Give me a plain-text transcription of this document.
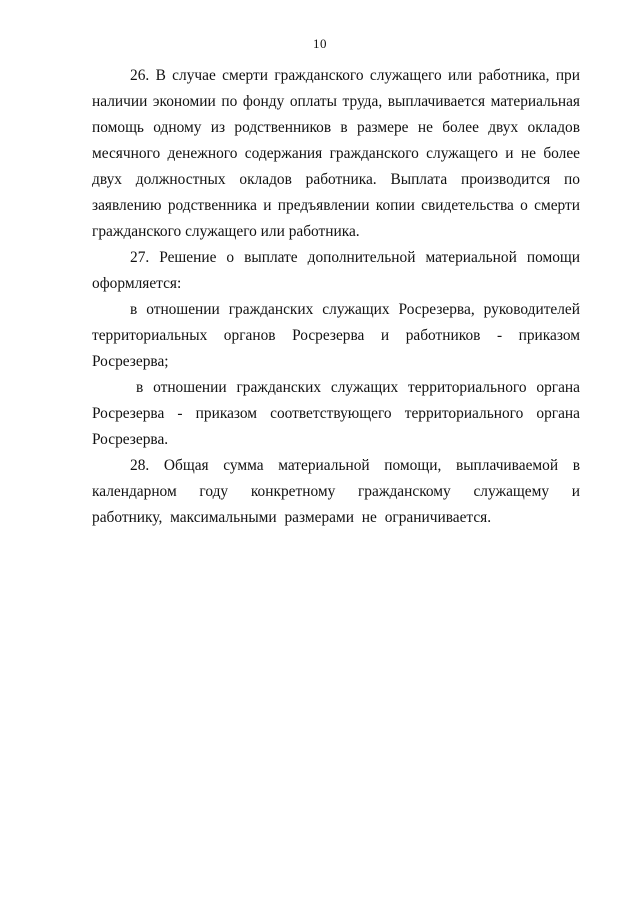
10

26. В случае смерти гражданского служащего или работника, при наличии экономии по фонду оплаты труда, выплачивается материальная помощь одному из родственников в размере не более двух окладов месячного денежного содержания гражданского служащего и не более двух должностных окладов работника. Выплата производится по заявлению родственника и предъявлении копии свидетельства о смерти гражданского служащего или работника.

27. Решение о выплате дополнительной материальной помощи оформляется:

в отношении гражданских служащих Росрезерва, руководителей территориальных органов Росрезерва и работников - приказом Росрезерва;

в отношении гражданских служащих территориального органа Росрезерва - приказом соответствующего территориального органа Росрезерва.

28. Общая сумма материальной помощи, выплачиваемой в календарном году конкретному гражданскому служащему и работнику, максимальными размерами не ограничивается.
